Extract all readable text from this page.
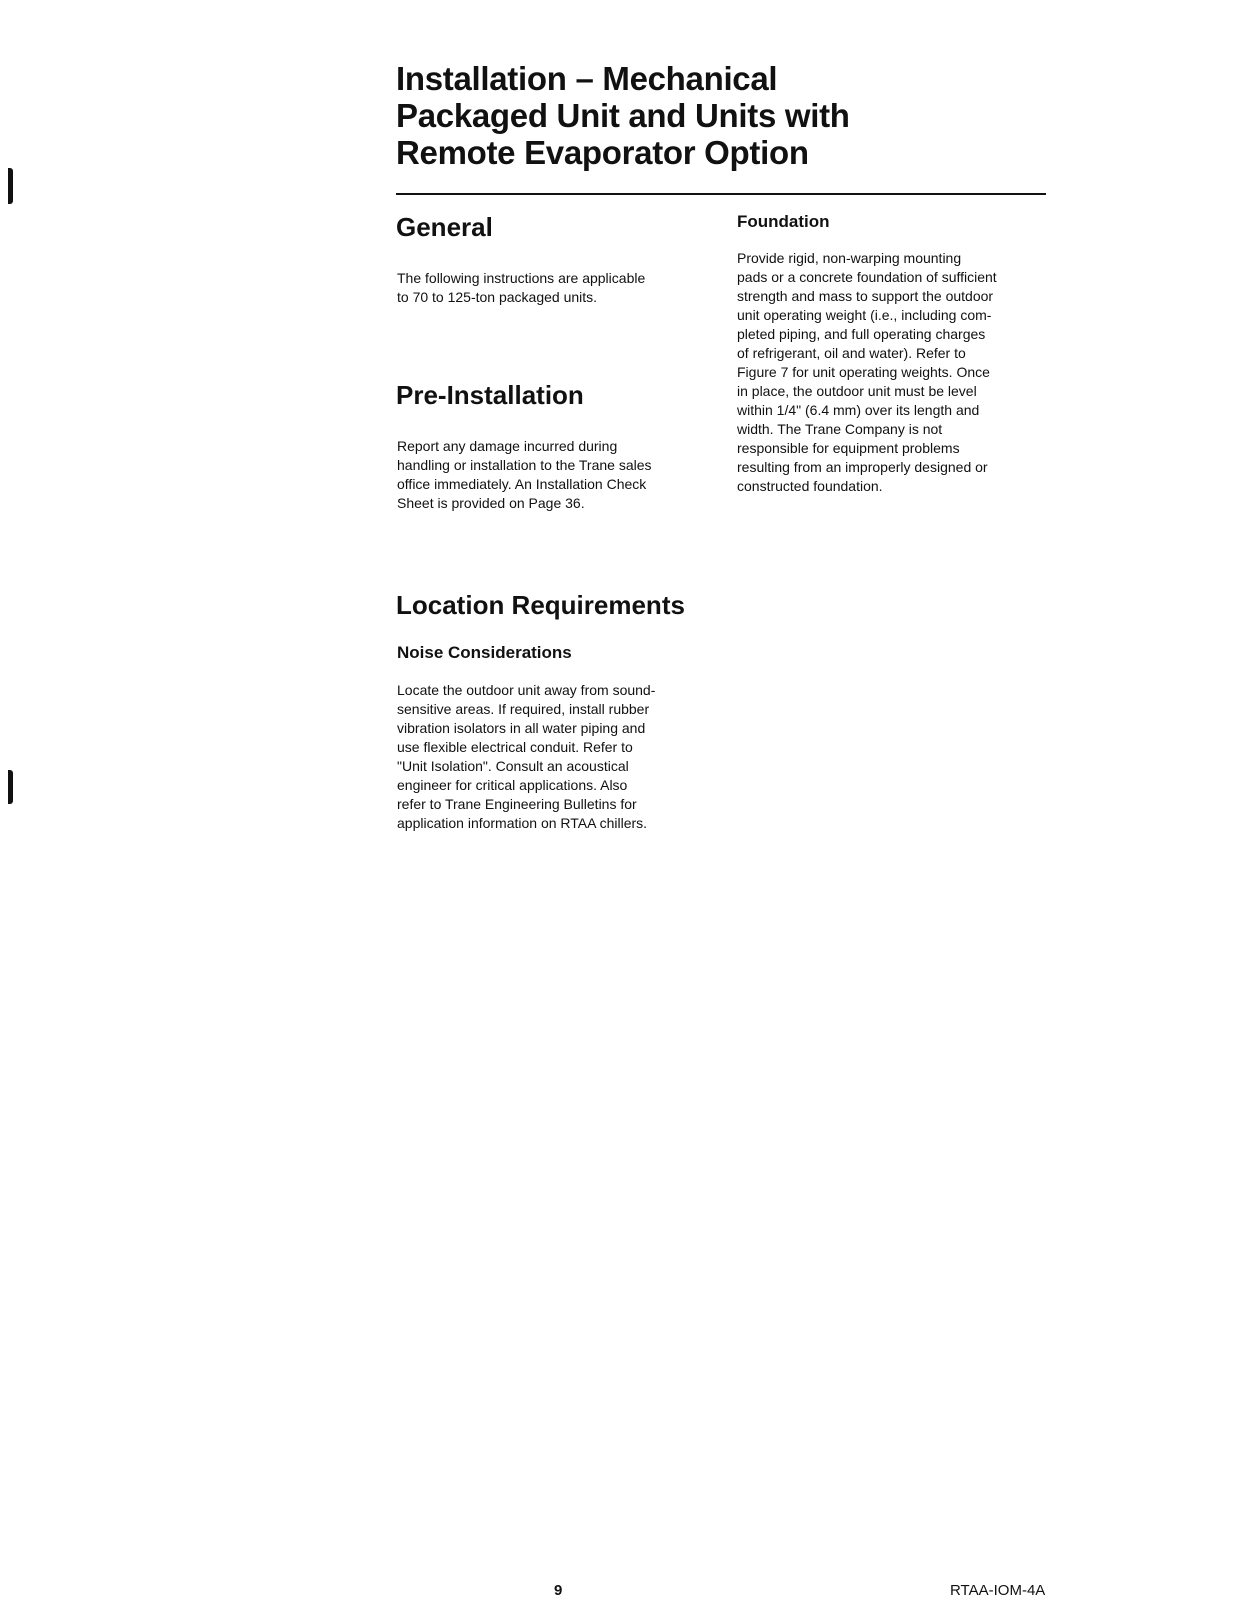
Installation – Mechanical
Packaged Unit and Units with
Remote Evaporator Option
General
The following instructions are applicable
to 70 to 125-ton packaged units.
Pre-Installation
Report any damage incurred during
handling or installation to the Trane sales
office immediately. An Installation Check
Sheet is provided on Page 36.
Location Requirements
Noise Considerations
Locate the outdoor unit away from sound-
sensitive areas. If required, install rubber
vibration isolators in all water piping and
use flexible electrical conduit. Refer to
"Unit Isolation". Consult an acoustical
engineer for critical applications. Also
refer to Trane Engineering Bulletins for
application information on RTAA chillers.
Foundation
Provide rigid, non-warping mounting
pads or a concrete foundation of sufficient
strength and mass to support the outdoor
unit operating weight (i.e., including com-
pleted piping, and full operating charges
of refrigerant, oil and water). Refer to
Figure 7 for unit operating weights. Once
in place, the outdoor unit must be level
within 1/4" (6.4 mm) over its length and
width. The Trane Company is not
responsible for equipment problems
resulting from an improperly designed or
constructed foundation.
9	RTAA-IOM-4A
